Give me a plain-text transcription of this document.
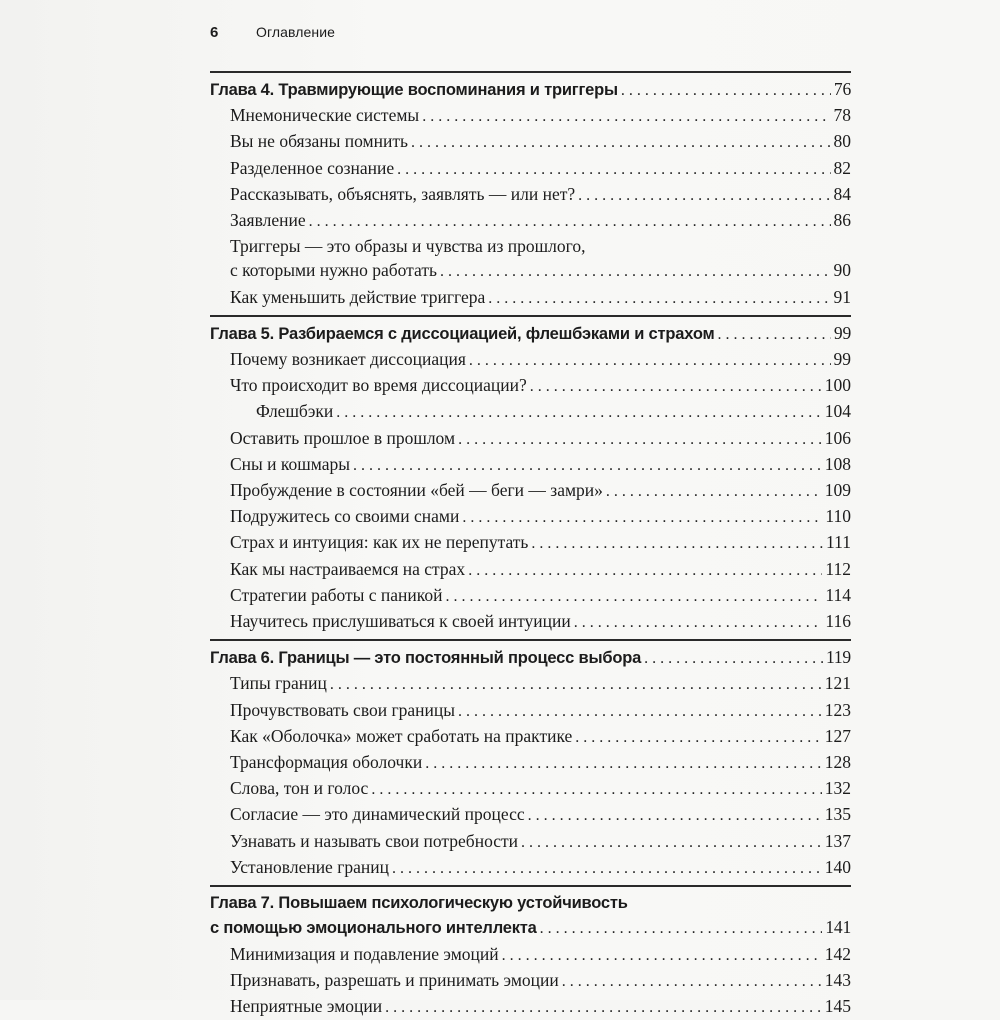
6	Оглавление
Глава 4. Травмирующие воспоминания и триггеры . . .	76
Мнемонические системы . . .	78
Вы не обязаны помнить . . .	80
Разделенное сознание . . .	82
Рассказывать, объяснять, заявлять — или нет? . . .	84
Заявление . . .	86
Триггеры — это образы и чувства из прошлого,
с которыми нужно работать . . .	90
Как уменьшить действие триггера . . .	91
Глава 5. Разбираемся с диссоциацией, флешбэками и страхом . . .	99
Почему возникает диссоциация . . .	99
Что происходит во время диссоциации? . . .	100
Флешбэки . . .	104
Оставить прошлое в прошлом . . .	106
Сны и кошмары . . .	108
Пробуждение в состоянии «бей — беги — замри» . . .	109
Подружитесь со своими снами . . .	110
Страх и интуиция: как их не перепутать . . .	111
Как мы настраиваемся на страх . . .	112
Стратегии работы с паникой . . .	114
Научитесь прислушиваться к своей интуиции . . .	116
Глава 6. Границы — это постоянный процесс выбора . . .	119
Типы границ . . .	121
Прочувствовать свои границы . . .	123
Как «Оболочка» может сработать на практике . . .	127
Трансформация оболочки . . .	128
Слова, тон и голос . . .	132
Согласие — это динамический процесс . . .	135
Узнавать и называть свои потребности . . .	137
Установление границ . . .	140
Глава 7. Повышаем психологическую устойчивость
с помощью эмоционального интеллекта . . .	141
Минимизация и подавление эмоций . . .	142
Признавать, разрешать и принимать эмоции . . .	143
Неприятные эмоции . . .	145
